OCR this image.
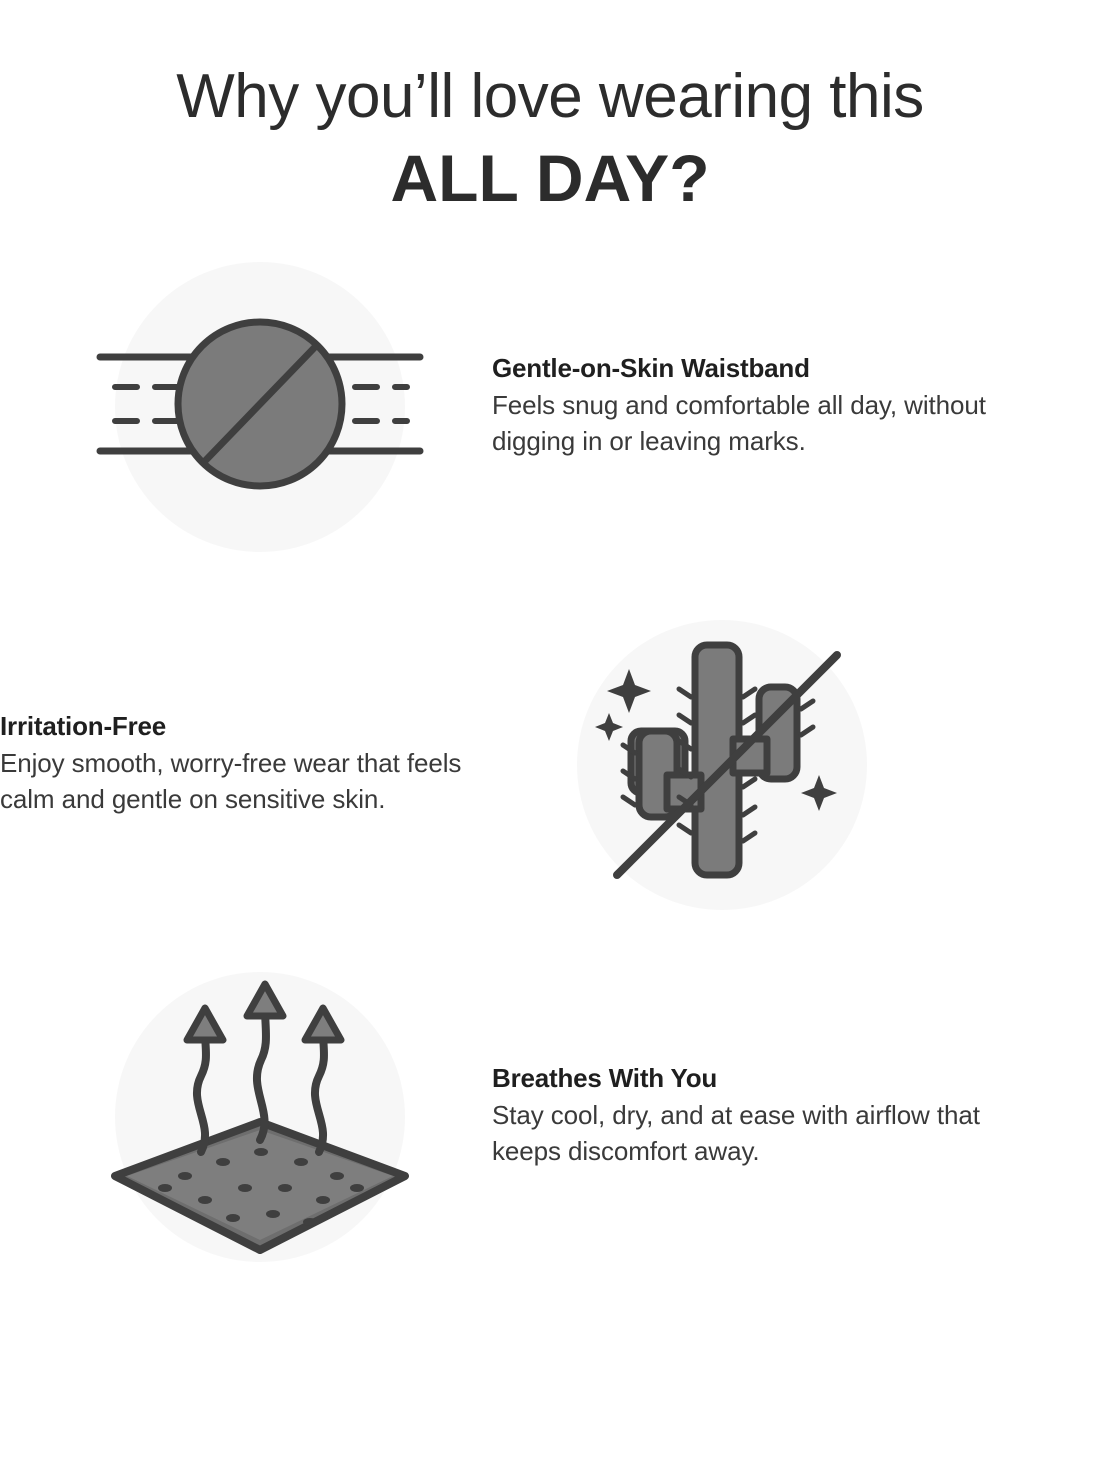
Why you’ll love wearing this
ALL DAY?
Gentle-on-Skin Waistband
Feels snug and comfortable all day, without digging in or leaving marks.
Irritation-Free
Enjoy smooth, worry-free wear that feels calm and gentle on sensitive skin.
Breathes With You
Stay cool, dry, and at ease with airflow that keeps discomfort away.
